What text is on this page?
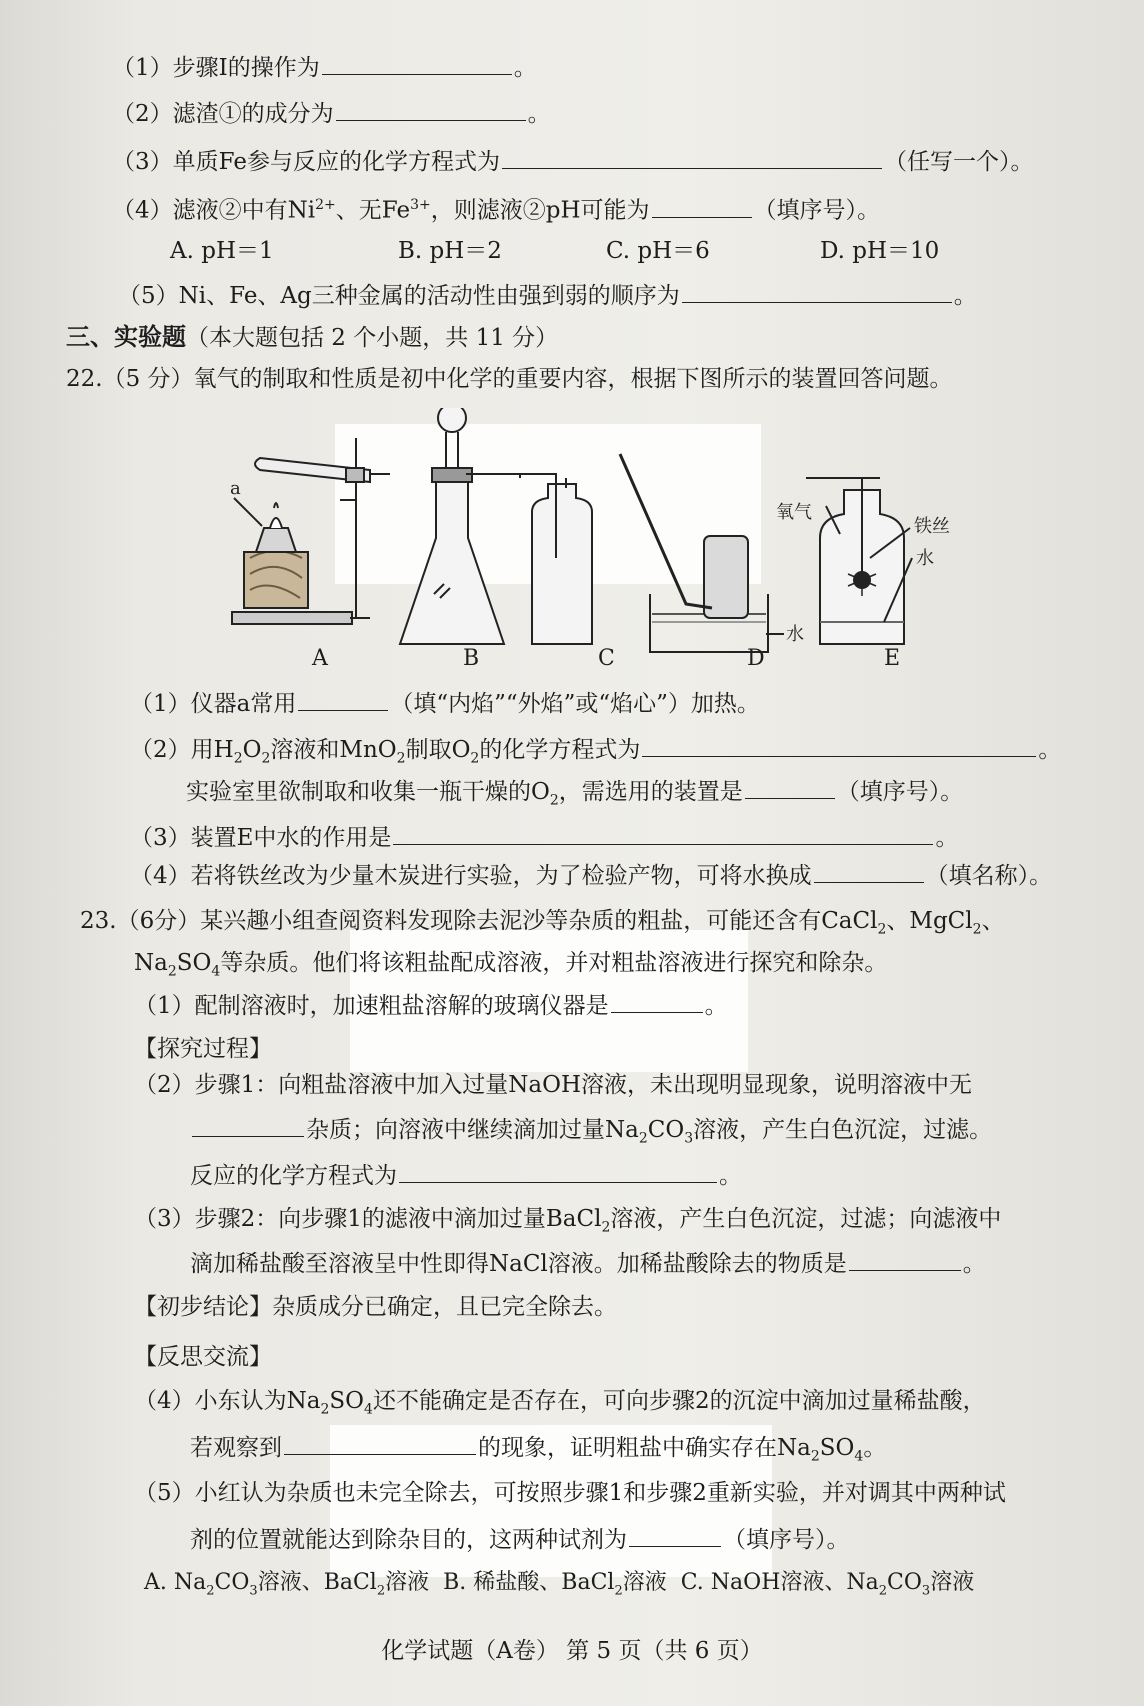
（1）步骤Ⅰ的操作为	。
（2）滤渣①的成分为	。
（3）单质Fe参与反应的化学方程式为	（任写一个）。
（4）滤液②中有$Ni^{2+}$、无$Fe^{3+}$，则滤液②pH可能为	（填序号）。
A. pH＝1	B. pH＝2	C. pH＝6	D. pH＝10
（5）Ni、Fe、Ag三种金属的活动性由强到弱的顺序为	。
三、实验题（本大题包括 2 个小题，共 11 分）
22.（5 分）氧气的制取和性质是初中化学的重要内容，根据下图所示的装置回答问题。
a
氧气
铁丝
水
水
A	B	C	D	E
（1）仪器a常用	（填“内焰”“外焰”或“焰心”）加热。
（2）用$H_2O_2$溶液和MnO$_2$制取$O_2$的化学方程式为	。
实验室里欲制取和收集一瓶干燥的$O_2$，需选用的装置是	（填序号）。
（3）装置E中水的作用是	。
（4）若将铁丝改为少量木炭进行实验，为了检验产物，可将水换成	（填名称）。
23.（6分）某兴趣小组查阅资料发现除去泥沙等杂质的粗盐，可能还含有CaCl$_2$、MgCl$_2$、
$Na_2SO_4$等杂质。他们将该粗盐配成溶液，并对粗盐溶液进行探究和除杂。
（1）配制溶液时，加速粗盐溶解的玻璃仪器是	。
【探究过程】
（2）步骤1：向粗盐溶液中加入过量NaOH溶液，未出现明显现象，说明溶液中无
杂质；向溶液中继续滴加过量$Na_2CO_3$溶液，产生白色沉淀，过滤。
反应的化学方程式为	。
（3）步骤2：向步骤1的滤液中滴加过量BaCl$_2$溶液，产生白色沉淀，过滤；向滤液中
滴加稀盐酸至溶液呈中性即得NaCl溶液。加稀盐酸除去的物质是	。
【初步结论】杂质成分已确定，且已完全除去。
【反思交流】
（4）小东认为$Na_2SO_4$还不能确定是否存在，可向步骤2的沉淀中滴加过量稀盐酸，
若观察到	的现象，证明粗盐中确实存在$Na_2SO_4$。
（5）小红认为杂质也未完全除去，可按照步骤1和步骤2重新实验，并对调其中两种试
剂的位置就能达到除杂目的，这两种试剂为	（填序号）。
A. $Na_2CO_3$溶液、BaCl$_2$溶液 B. 稀盐酸、BaCl$_2$溶液 C. NaOH溶液、$Na_2CO_3$溶液
化学试题（A卷） 第 5 页（共 6 页）
